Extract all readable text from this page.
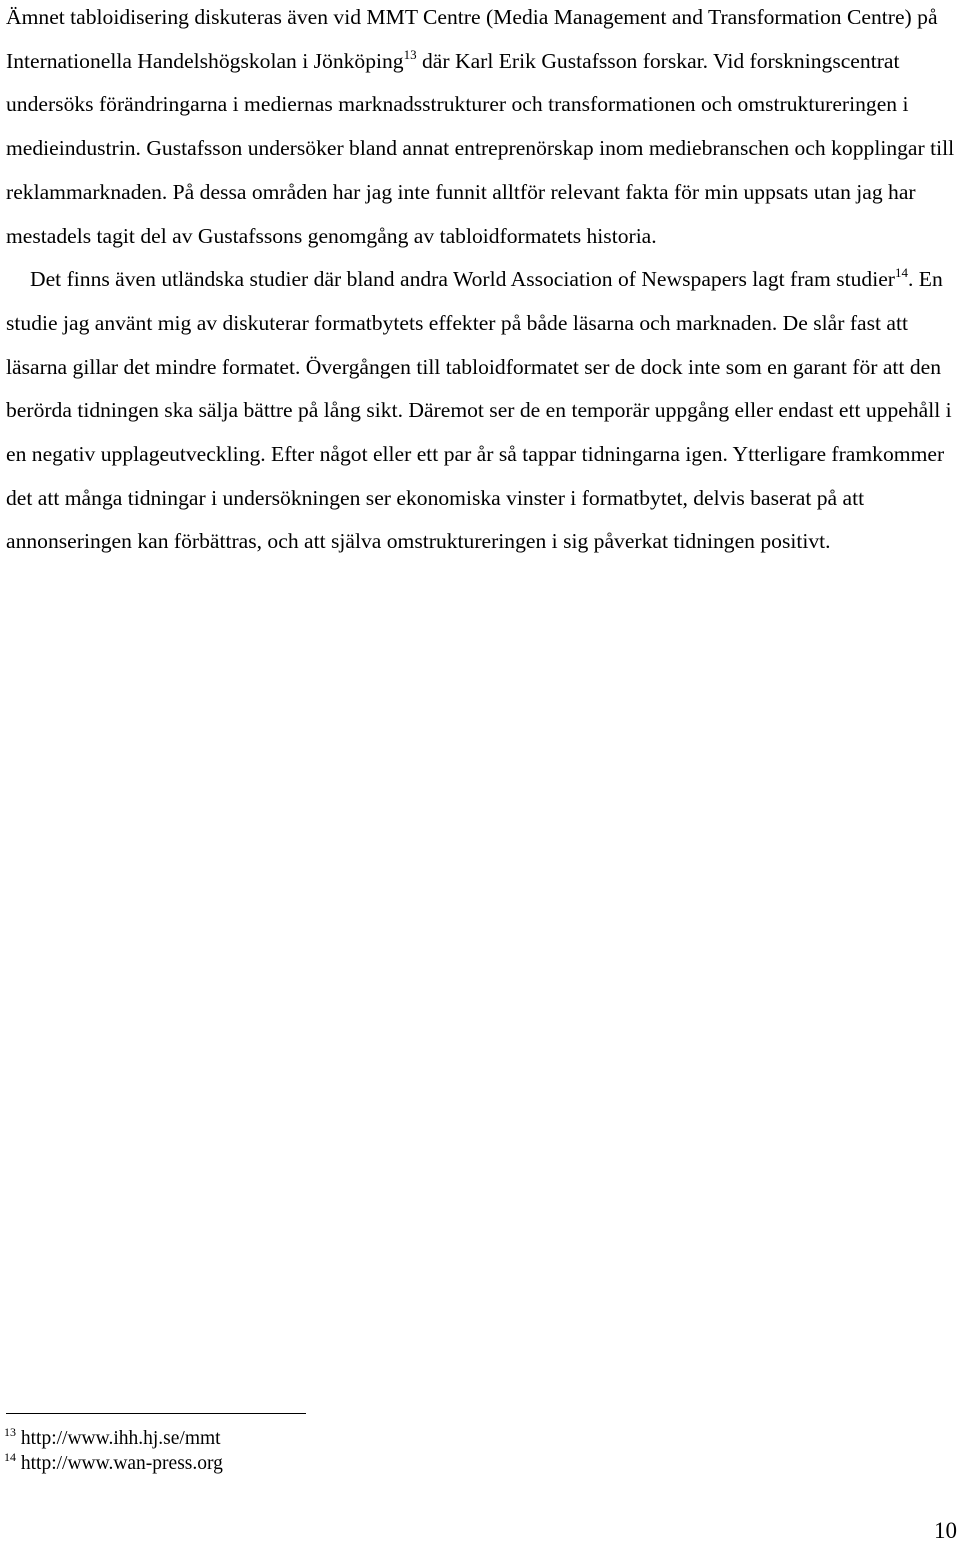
Ämnet tabloidisering diskuteras även vid MMT Centre (Media Management and Transformation Centre) på Internationella Handelshögskolan i Jönköping$^{13}$ där Karl Erik Gustafsson forskar. Vid forskningscentrat undersöks förändringarna i mediernas marknadsstrukturer och transformationen och omstruktureringen i medieindustrin. Gustafsson undersöker bland annat entreprenörskap inom mediebranschen och kopplingar till reklammarknaden. På dessa områden har jag inte funnit alltför relevant fakta för min uppsats utan jag har mestadels tagit del av Gustafssons genomgång av tabloidformatets historia.

Det finns även utländska studier där bland andra World Association of Newspapers lagt fram studier$^{14}$. En studie jag använt mig av diskuterar formatbytets effekter på både läsarna och marknaden. De slår fast att läsarna gillar det mindre formatet. Övergången till tabloidformatet ser de dock inte som en garant för att den berörda tidningen ska sälja bättre på lång sikt. Däremot ser de en temporär uppgång eller endast ett uppehåll i en negativ upplageutveckling. Efter något eller ett par år så tappar tidningarna igen. Ytterligare framkommer det att många tidningar i undersökningen ser ekonomiska vinster i formatbytet, delvis baserat på att annonseringen kan förbättras, och att själva omstruktureringen i sig påverkat tidningen positivt.

$^{13}$ http://www.ihh.hj.se/mmt

$^{14}$ http://www.wan-press.org

10
